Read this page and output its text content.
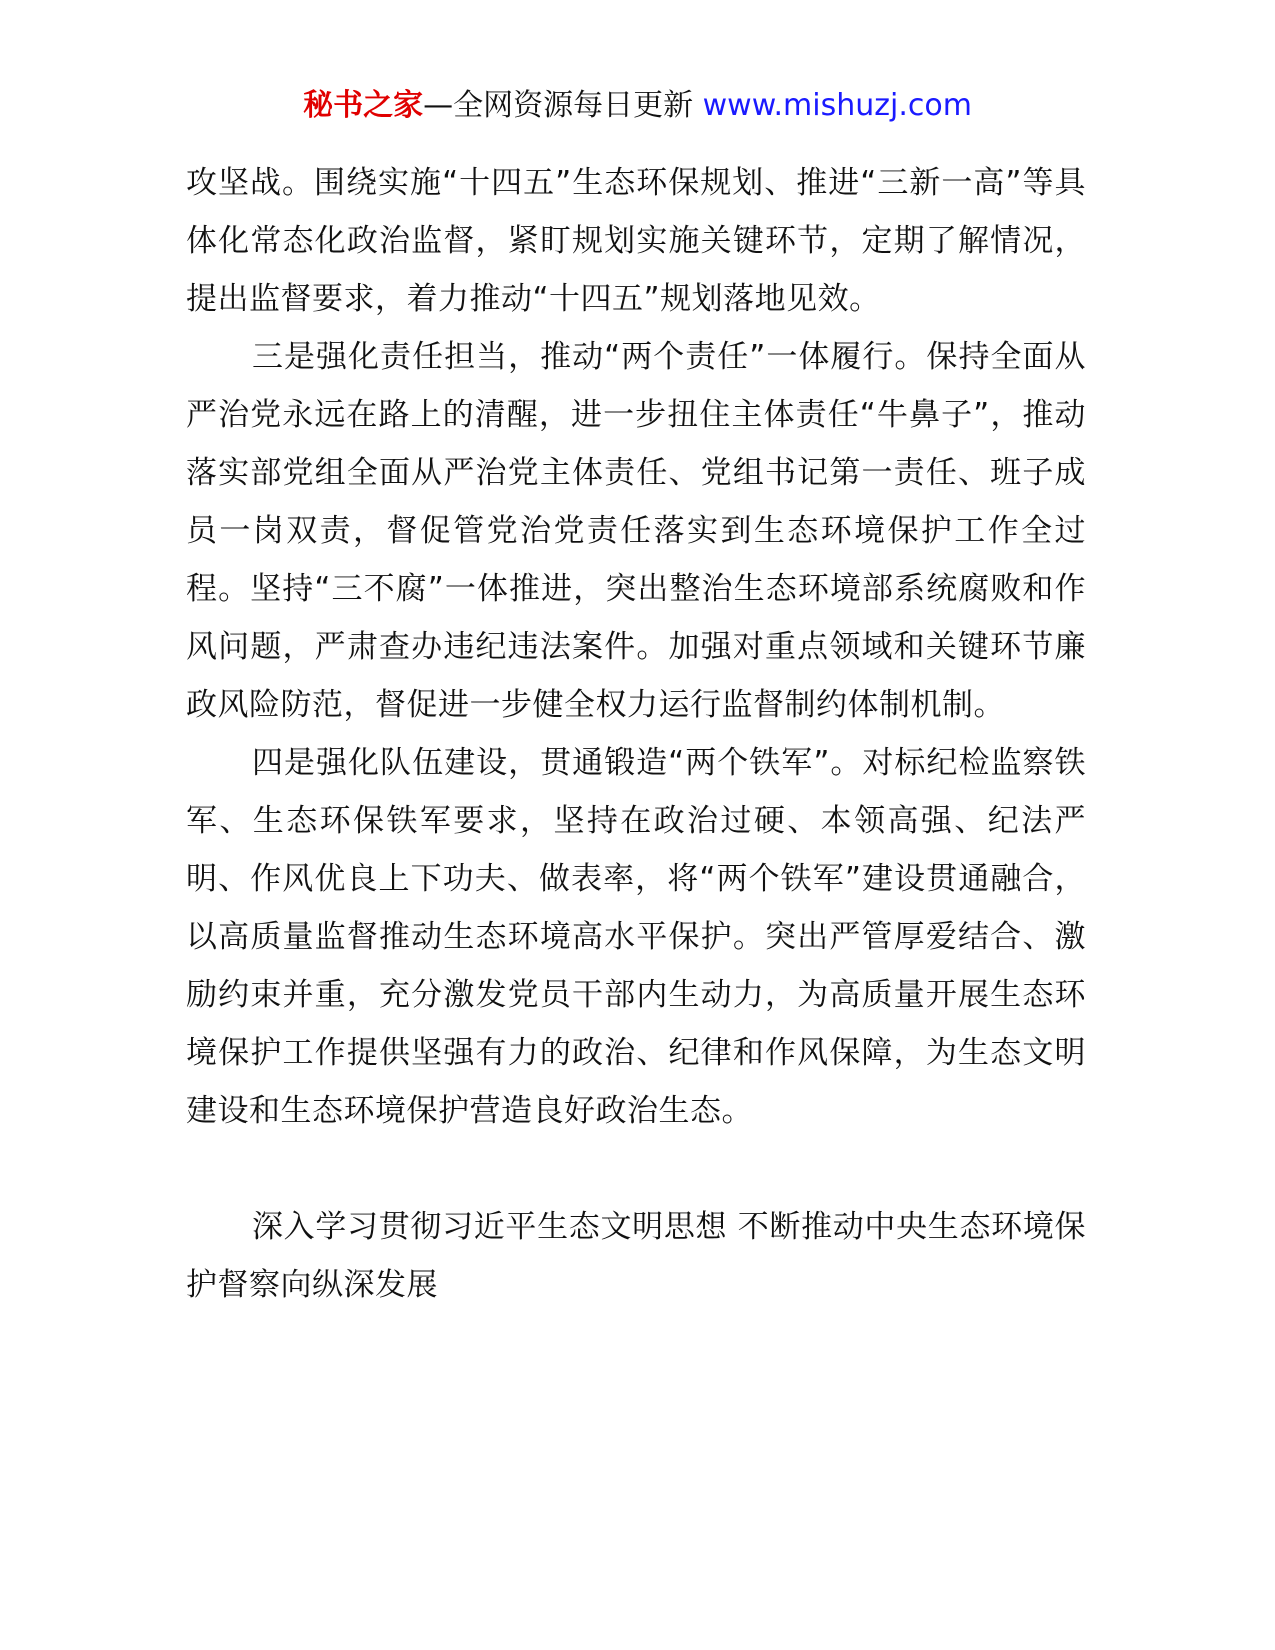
秘书之家—全网资源每日更新 www.mishuzj.com

攻坚战。围绕实施“十四五”生态环保规划、推进“三新一高”等具体化常态化政治监督，紧盯规划实施关键环节，定期了解情况，提出监督要求，着力推动“十四五”规划落地见效。

三是强化责任担当，推动“两个责任”一体履行。保持全面从严治党永远在路上的清醒，进一步扭住主体责任“牛鼻子”，推动落实部党组全面从严治党主体责任、党组书记第一责任、班子成员一岗双责，督促管党治党责任落实到生态环境保护工作全过程。坚持“三不腐”一体推进，突出整治生态环境部系统腐败和作风问题，严肃查办违纪违法案件。加强对重点领域和关键环节廉政风险防范，督促进一步健全权力运行监督制约体制机制。

四是强化队伍建设，贯通锻造“两个铁军”。对标纪检监察铁军、生态环保铁军要求，坚持在政治过硬、本领高强、纪法严明、作风优良上下功夫、做表率，将“两个铁军”建设贯通融合，以高质量监督推动生态环境高水平保护。突出严管厚爱结合、激励约束并重，充分激发党员干部内生动力，为高质量开展生态环境保护工作提供坚强有力的政治、纪律和作风保障，为生态文明建设和生态环境保护营造良好政治生态。

深入学习贯彻习近平生态文明思想 不断推动中央生态环境保护督察向纵深发展
